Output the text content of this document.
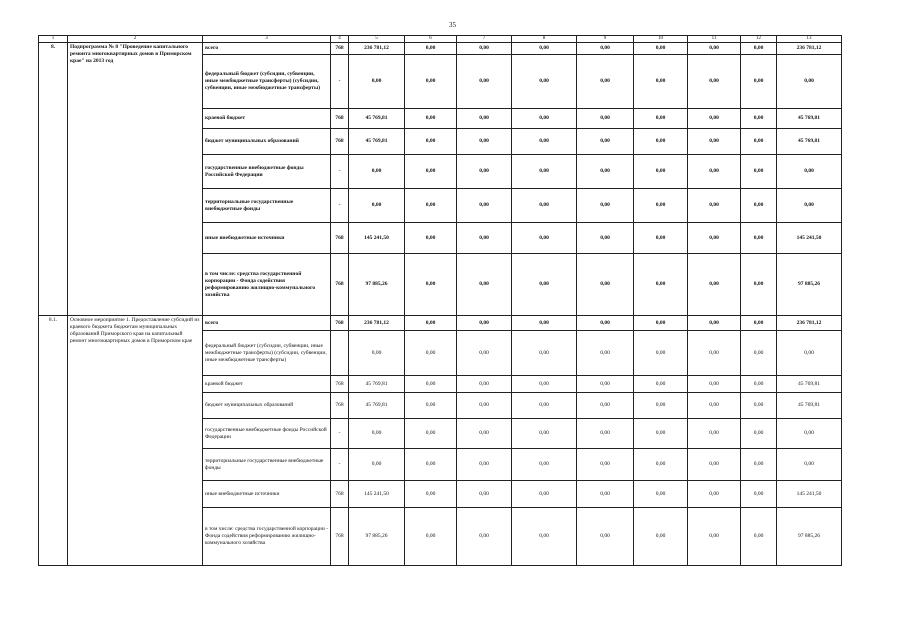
35
1	2	3	4	5	6	7	8	9	10	11	12	13
8.	Подпрограмма № 8 "Проведение капитального ремонта многоквартирных домов в Приморском крае" на 2013 год	всего	768	236 781,12	0,00	0,00	0,00	0,00	0,00	0,00	0,00	236 781,12
		федеральный бюджет (субсидии, субвенции, иные межбюджетные трансферты) (субсидии, субвенции, иные межбюджетные трансферты)	-	0,00	0,00	0,00	0,00	0,00	0,00	0,00	0,00	0,00
		краевой бюджет	768	45 769,81	0,00	0,00	0,00	0,00	0,00	0,00	0,00	45 769,81
		бюджет муниципальных образований	768	45 769,81	0,00	0,00	0,00	0,00	0,00	0,00	0,00	45 769,81
		государственные внебюджетные фонды Российской Федерации	-	0,00	0,00	0,00	0,00	0,00	0,00	0,00	0,00	0,00
		территориальные государственные внебюджетные фонды	-	0,00	0,00	0,00	0,00	0,00	0,00	0,00	0,00	0,00
		иные внебюджетные источники	768	145 241,50	0,00	0,00	0,00	0,00	0,00	0,00	0,00	145 241,50
		в том числе: средства государственной корпорации - Фонда содействия реформированию жилищно-коммунального хозяйства	768	97 885,26	0,00	0,00	0,00	0,00	0,00	0,00	0,00	97 885,26
8.1.	Основное мероприятие 1. Предоставление субсидий из краевого бюджета бюджетам муниципальных образований Приморского края на капитальный ремонт многоквартирных домов в Приморском крае	всего	768	236 781,12	0,00	0,00	0,00	0,00	0,00	0,00	0,00	236 781,12
		федеральный бюджет (субсидии, субвенции, иные межбюджетные трансферты) (субсидии, субвенции, иные межбюджетные трансферты)		0,00	0,00	0,00	0,00	0,00	0,00	0,00	0,00	0,00
		краевой бюджет	768	45 769,81	0,00	0,00	0,00	0,00	0,00	0,00	0,00	45 769,81
		бюджет муниципальных образований	768	45 769,81	0,00	0,00	0,00	0,00	0,00	0,00	0,00	45 769,81
		государственные внебюджетные фонды Российской Федерации	-	0,00	0,00	0,00	0,00	0,00	0,00	0,00	0,00	0,00
		территориальные государственные внебюджетные фонды	-	0,00	0,00	0,00	0,00	0,00	0,00	0,00	0,00	0,00
		иные внебюджетные источники	768	145 241,50	0,00	0,00	0,00	0,00	0,00	0,00	0,00	145 241,50
		в том числе: средства государственной корпорации - Фонда содействия реформированию жилищно-коммунального хозяйства	768	97 885,26	0,00	0,00	0,00	0,00	0,00	0,00	0,00	97 885,26
